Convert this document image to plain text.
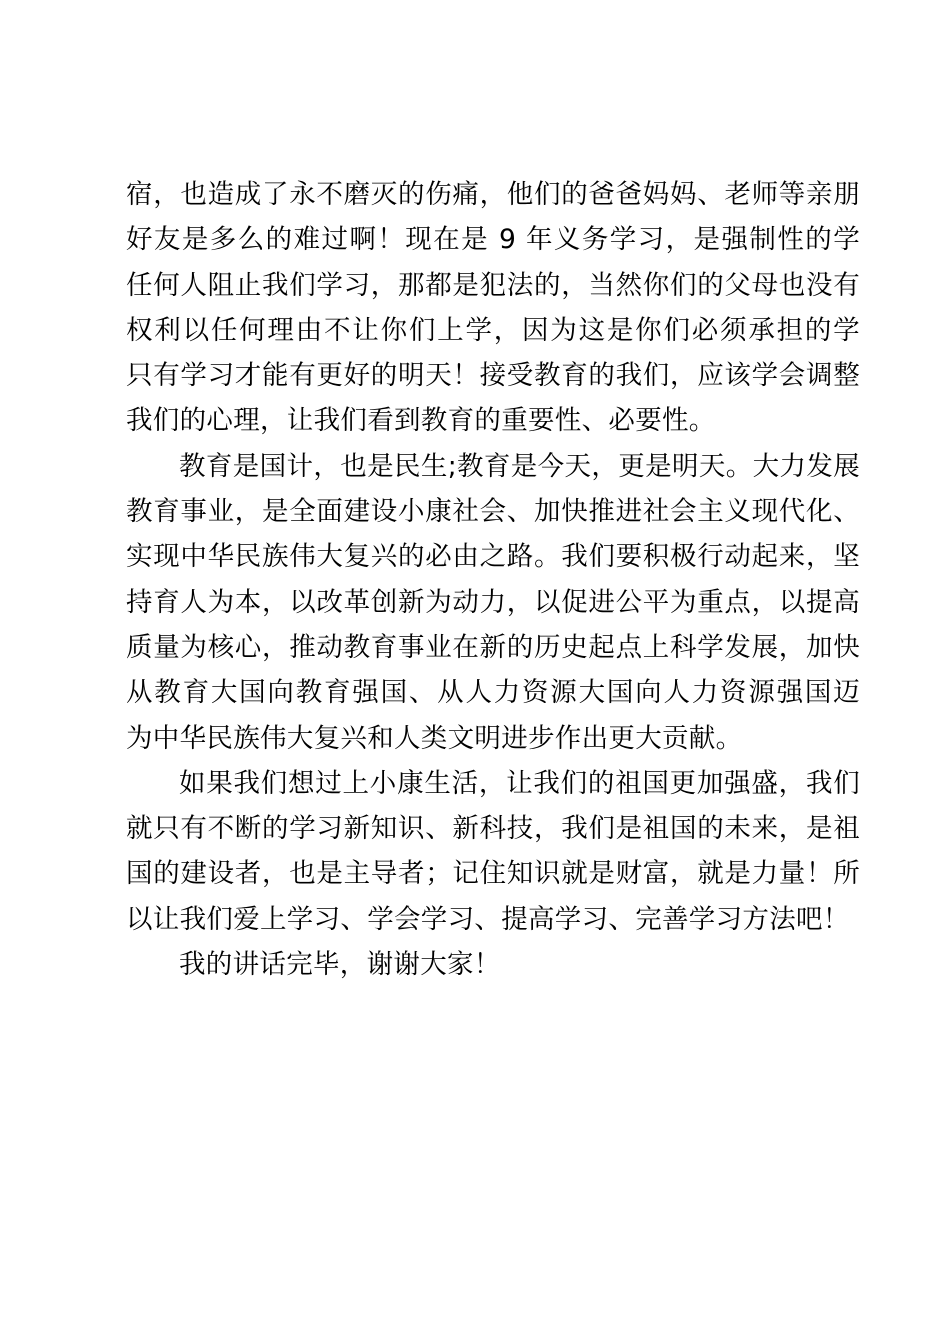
宿，也造成了永不磨灭的伤痛，他们的爸爸妈妈、老师等亲朋
好友是多么的难过啊！现在是 9 年义务学习，是强制性的学
任何人阻止我们学习，那都是犯法的，当然你们的父母也没有
权利以任何理由不让你们上学，因为这是你们必须承担的学
只有学习才能有更好的明天！接受教育的我们，应该学会调整
我们的心理，让我们看到教育的重要性、必要性。
教育是国计，也是民生;教育是今天，更是明天。大力发展
教育事业，是全面建设小康社会、加快推进社会主义现代化、
实现中华民族伟大复兴的必由之路。我们要积极行动起来，坚
持育人为本，以改革创新为动力，以促进公平为重点，以提高
质量为核心，推动教育事业在新的历史起点上科学发展，加快
从教育大国向教育强国、从人力资源大国向人力资源强国迈
为中华民族伟大复兴和人类文明进步作出更大贡献。
如果我们想过上小康生活，让我们的祖国更加强盛，我们
就只有不断的学习新知识、新科技，我们是祖国的未来，是祖
国的建设者，也是主导者；记住知识就是财富，就是力量！所
以让我们爱上学习、学会学习、提高学习、完善学习方法吧！
我的讲话完毕，谢谢大家！
